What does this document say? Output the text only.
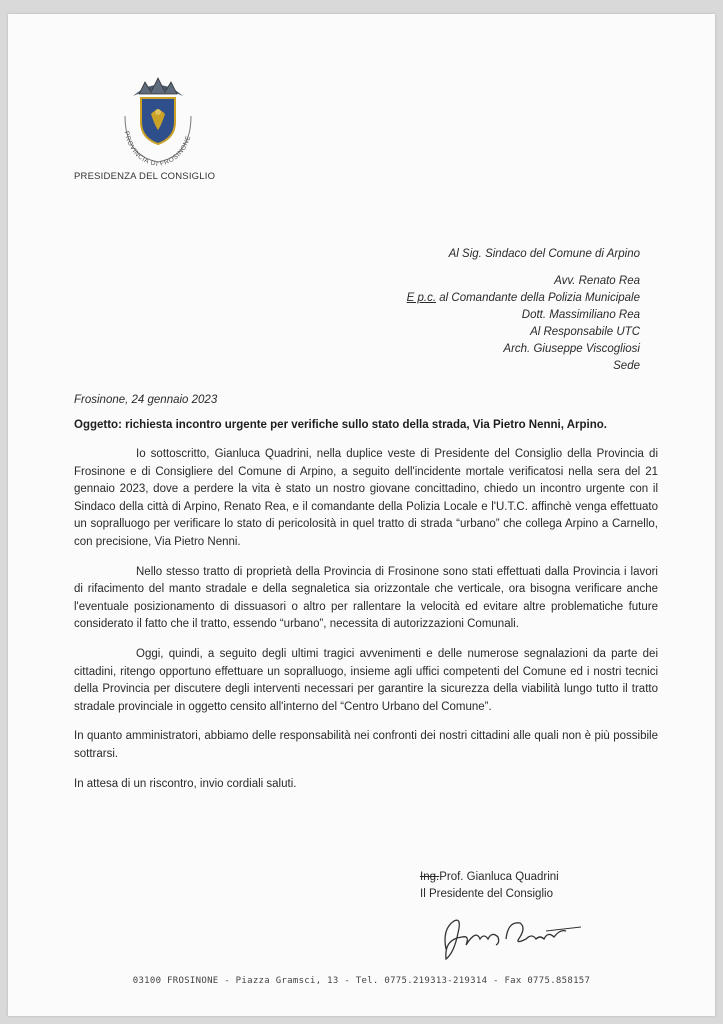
PROVINCIA DI FROSINONE
PRESIDENZA DEL CONSIGLIO
Al Sig. Sindaco del Comune di Arpino
Avv. Renato Rea
E p.c. al Comandante della Polizia Municipale
Dott. Massimiliano Rea
Al Responsabile UTC
Arch. Giuseppe Viscogliosi
Sede
Frosinone, 24 gennaio 2023
Oggetto: richiesta incontro urgente per verifiche sullo stato della strada, Via Pietro Nenni, Arpino.

Io sottoscritto, Gianluca Quadrini, nella duplice veste di Presidente del Consiglio della Provincia di Frosinone e di Consigliere del Comune di Arpino, a seguito dell'incidente mortale verificatosi nella sera del 21 gennaio 2023, dove a perdere la vita è stato un nostro giovane concittadino, chiedo un incontro urgente con il Sindaco della città di Arpino, Renato Rea, e il comandante della Polizia Locale e l'U.T.C. affinchè venga effettuato un sopralluogo per verificare lo stato di pericolosità in quel tratto di strada “urbano” che collega Arpino a Carnello, con precisione, Via Pietro Nenni.

Nello stesso tratto di proprietà della Provincia di Frosinone sono stati effettuati dalla Provincia i lavori di rifacimento del manto stradale e della segnaletica sia orizzontale che verticale, ora bisogna verificare anche l'eventuale posizionamento di dissuasori o altro per rallentare la velocità ed evitare altre problematiche future considerato il fatto che il tratto, essendo “urbano”, necessita di autorizzazioni Comunali.

Oggi, quindi, a seguito degli ultimi tragici avvenimenti e delle numerose segnalazioni da parte dei cittadini, ritengo opportuno effettuare un sopralluogo, insieme agli uffici competenti del Comune ed i nostri tecnici della Provincia per discutere degli interventi necessari per garantire la sicurezza della viabilità lungo tutto il tratto stradale provinciale in oggetto censito all'interno del “Centro Urbano del Comune”.

In quanto amministratori, abbiamo delle responsabilità nei confronti dei nostri cittadini alle quali non è più possibile sottrarsi.

In attesa di un riscontro, invio cordiali saluti.

Ing.Prof. Gianluca Quadrini
Il Presidente del Consiglio
Gianluca Quadrini
03100 FROSINONE - Piazza Gramsci, 13 - Tel. 0775.219313-219314 - Fax 0775.858157
